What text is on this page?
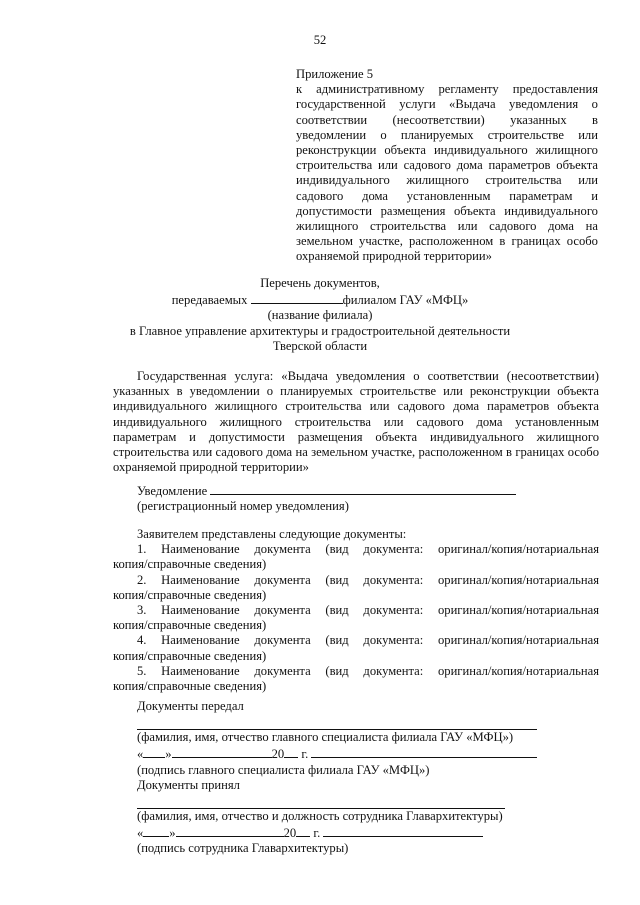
52
Приложение 5
к административному регламенту предоставления
государственной услуги «Выдача уведомления о
соответствии (несоответствии) указанных в
уведомлении о планируемых строительстве или
реконструкции объекта индивидуального жилищного
строительства или садового дома параметров объекта
индивидуального жилищного строительства или
садового дома установленным параметрам и
допустимости размещения объекта индивидуального
жилищного строительства или садового дома на
земельном участке, расположенном в границах особо
охраняемой природной территории»
Перечень документов,
передаваемых	филиалом ГАУ «МФЦ»
(название филиала)
в Главное управление архитектуры и градостроительной деятельности
Тверской области
Государственная услуга: «Выдача уведомления о соответствии (несоответствии) указанных в уведомлении о планируемых строительстве или реконструкции объекта индивидуального жилищного строительства или садового дома параметров объекта индивидуального жилищного строительства или садового дома установленным параметрам и допустимости размещения объекта индивидуального жилищного строительства или садового дома на земельном участке, расположенном в границах особо охраняемой природной территории»
Уведомление
(регистрационный номер уведомления)
Заявителем представлены следующие документы:
1. Наименование документа (вид документа: оригинал/копия/нотариальная
копия/справочные сведения)
2. Наименование документа (вид документа: оригинал/копия/нотариальная
копия/справочные сведения)
3. Наименование документа (вид документа: оригинал/копия/нотариальная
копия/справочные сведения)
4. Наименование документа (вид документа: оригинал/копия/нотариальная
копия/справочные сведения)
5. Наименование документа (вид документа: оригинал/копия/нотариальная
копия/справочные сведения)
Документы передал
(фамилия, имя, отчество главного специалиста филиала ГАУ «МФЦ»)
« »	20 г.
(подпись главного специалиста филиала ГАУ «МФЦ»)
Документы принял
(фамилия, имя, отчество и должность сотрудника Главархитектуры)
« »	20 г.
(подпись сотрудника Главархитектуры)
